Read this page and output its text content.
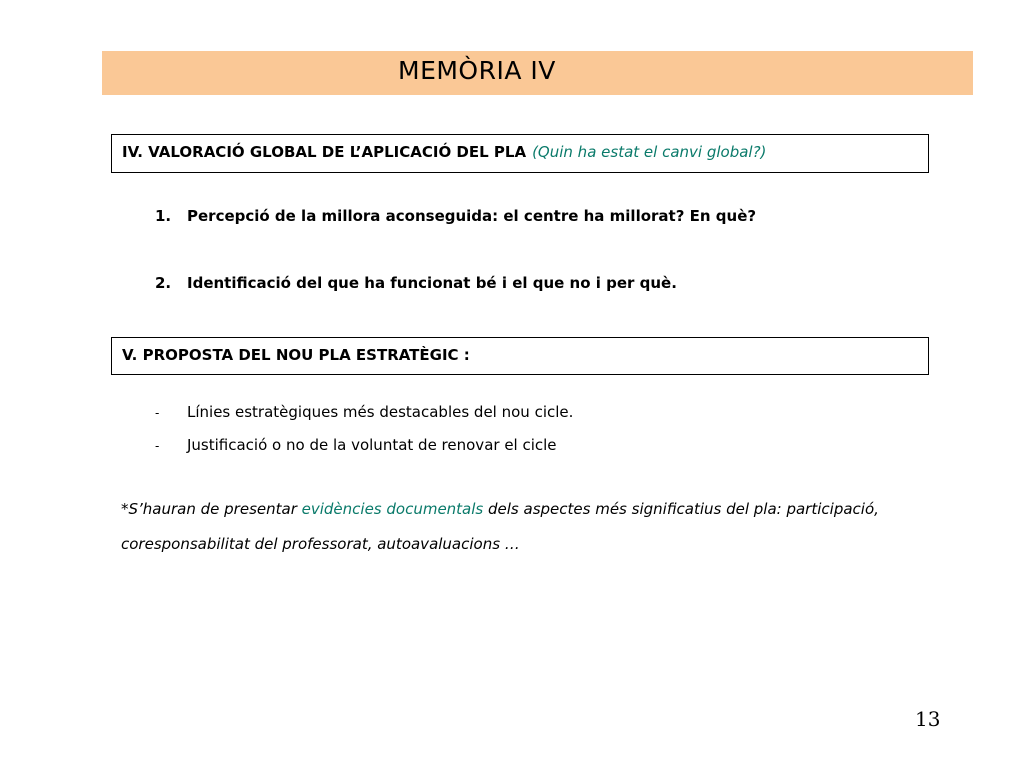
MEMÒRIA IV
IV. VALORACIÓ GLOBAL DE L’APLICACIÓ DEL PLA (Quin ha estat el canvi global?)
1. Percepció de la millora aconseguida: el centre ha millorat? En què?
2. Identificació del que ha funcionat bé i el que no i per què.
V. PROPOSTA DEL NOU PLA ESTRATÈGIC :
- Línies estratègiques més destacables del nou cicle.
- Justificació o no de la voluntat de renovar el cicle
*S’hauran de presentar evidències documentals dels aspectes més significatius del pla: participació,
coresponsabilitat del professorat, autoavaluacions …
13
